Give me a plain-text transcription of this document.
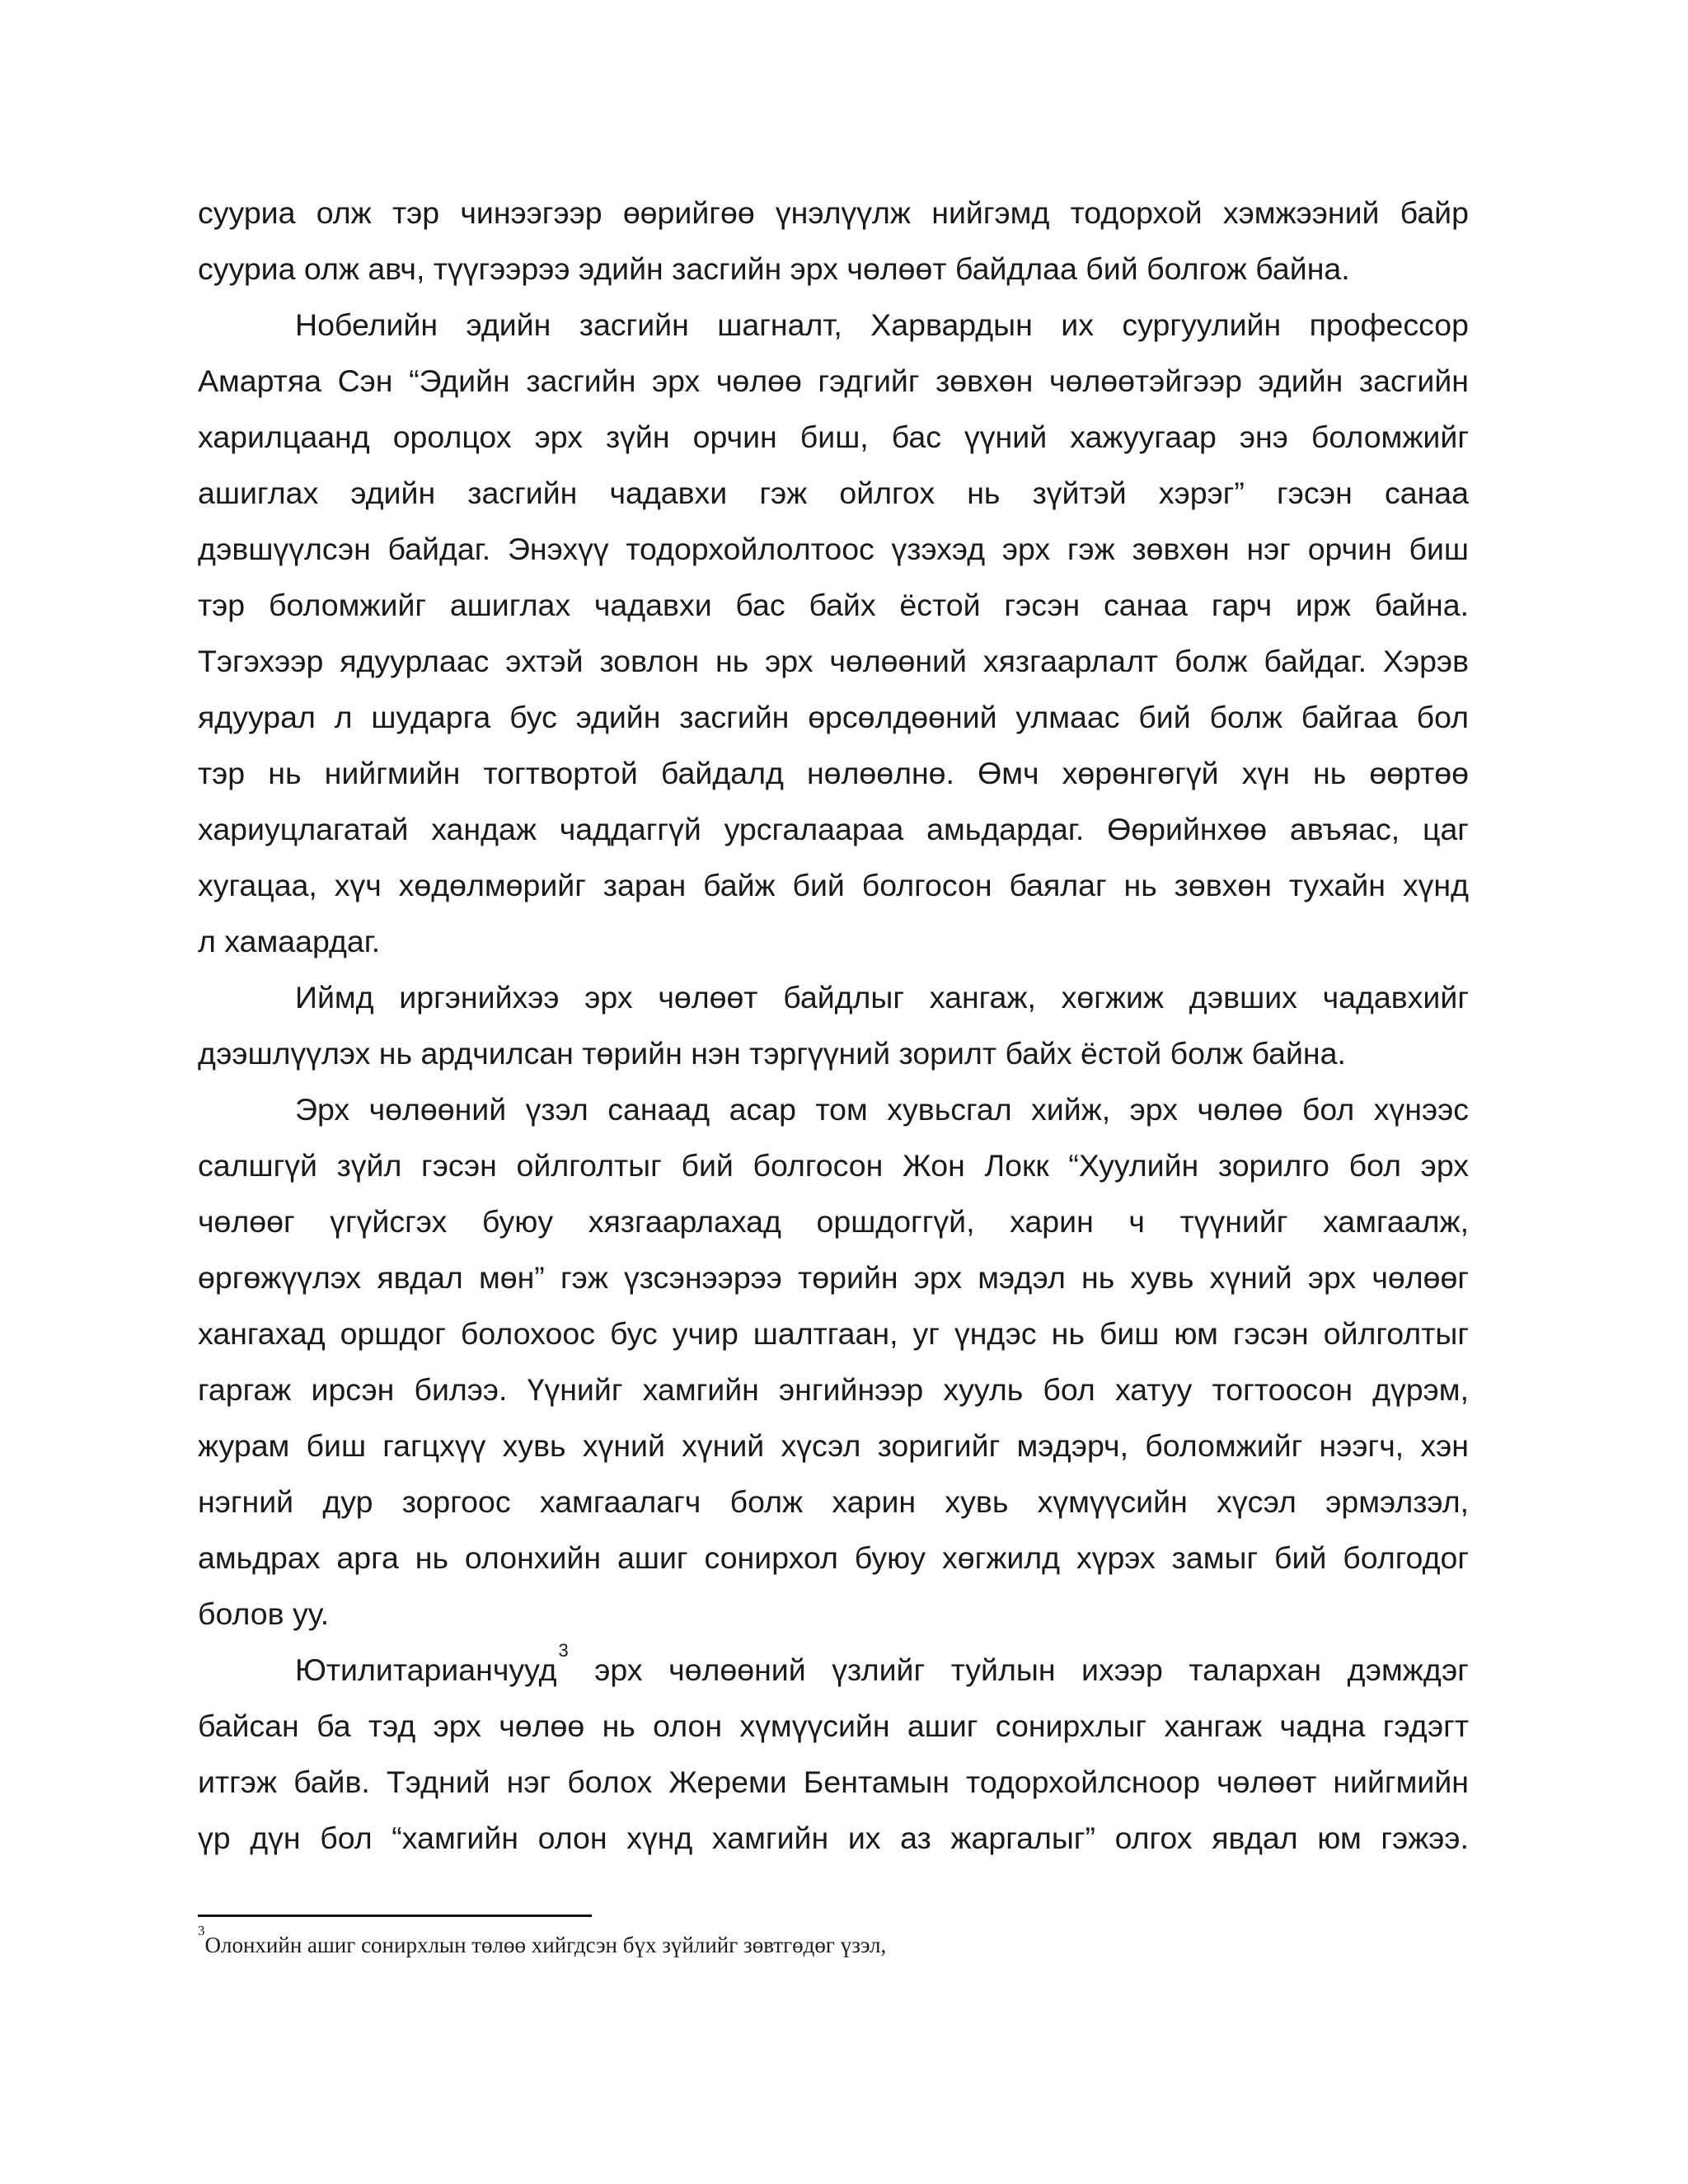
сууриа олж тэр чинээгээр өөрийгөө үнэлүүлж нийгэмд тодорхой хэмжээний байр
сууриа олж авч, түүгээрээ эдийн засгийн эрх чөлөөт байдлаа бий болгож байна.
Нобелийн эдийн засгийн шагналт, Харвардын их сургуулийн профессор
Амартяа Сэн “Эдийн засгийн эрх чөлөө гэдгийг зөвхөн чөлөөтэйгээр эдийн засгийн
харилцаанд оролцох эрх зүйн орчин биш, бас үүний хажуугаар энэ боломжийг
ашиглах эдийн засгийн чадавхи гэж ойлгох нь зүйтэй хэрэг” гэсэн санаа
дэвшүүлсэн байдаг. Энэхүү тодорхойлолтоос үзэхэд эрх гэж зөвхөн нэг орчин биш
тэр боломжийг ашиглах чадавхи бас байх ёстой гэсэн санаа гарч ирж байна.
Тэгэхээр ядуурлаас эхтэй зовлон нь эрх чөлөөний хязгаарлалт болж байдаг. Хэрэв
ядуурал л шударга бус эдийн засгийн өрсөлдөөний улмаас бий болж байгаа бол
тэр нь нийгмийн тогтвортой байдалд нөлөөлнө. Өмч хөрөнгөгүй хүн нь өөртөө
хариуцлагатай хандаж чаддаггүй урсгалаараа амьдардаг. Өөрийнхөө авъяас, цаг
хугацаа, хүч хөдөлмөрийг заран байж бий болгосон баялаг нь зөвхөн тухайн хүнд
л хамаардаг.
Иймд иргэнийхээ эрх чөлөөт байдлыг хангаж, хөгжиж дэвших чадавхийг
дээшлүүлэх нь ардчилсан төрийн нэн тэргүүний зорилт байх ёстой болж байна.
Эрх чөлөөний үзэл санаад асар том хувьсгал хийж, эрх чөлөө бол хүнээс
салшгүй зүйл гэсэн ойлголтыг бий болгосон Жон Локк “Хуулийн зорилго бол эрх
чөлөөг үгүйсгэх буюу хязгаарлахад оршдоггүй, харин ч түүнийг хамгаалж,
өргөжүүлэх явдал мөн” гэж үзсэнээрээ төрийн эрх мэдэл нь хувь хүний эрх чөлөөг
хангахад оршдог болохоос бус учир шалтгаан, уг үндэс нь биш юм гэсэн ойлголтыг
гаргаж ирсэн билээ. Үүнийг хамгийн энгийнээр хууль бол хатуу тогтоосон дүрэм,
журам биш гагцхүү хувь хүний хүний хүсэл зоригийг мэдэрч, боломжийг нээгч, хэн
нэгний дур зоргоос хамгаалагч болж харин хувь хүмүүсийн хүсэл эрмэлзэл,
амьдрах арга нь олонхийн ашиг сонирхол буюу хөгжилд хүрэх замыг бий болгодог
болов уу.
Ютилитарианчууд$^3$ эрх чөлөөний үзлийг туйлын ихээр талархан дэмждэг
байсан ба тэд эрх чөлөө нь олон хүмүүсийн ашиг сонирхлыг хангаж чадна гэдэгт
итгэж байв. Тэдний нэг болох Жереми Бентамын тодорхойлсноор чөлөөт нийгмийн
үр дүн бол “хамгийн олон хүнд хамгийн их аз жаргалыг” олгох явдал юм гэжээ.
$^3$Олонхийн ашиг сонирхлын төлөө хийгдсэн бүх зүйлийг зөвтгөдөг үзэл,
